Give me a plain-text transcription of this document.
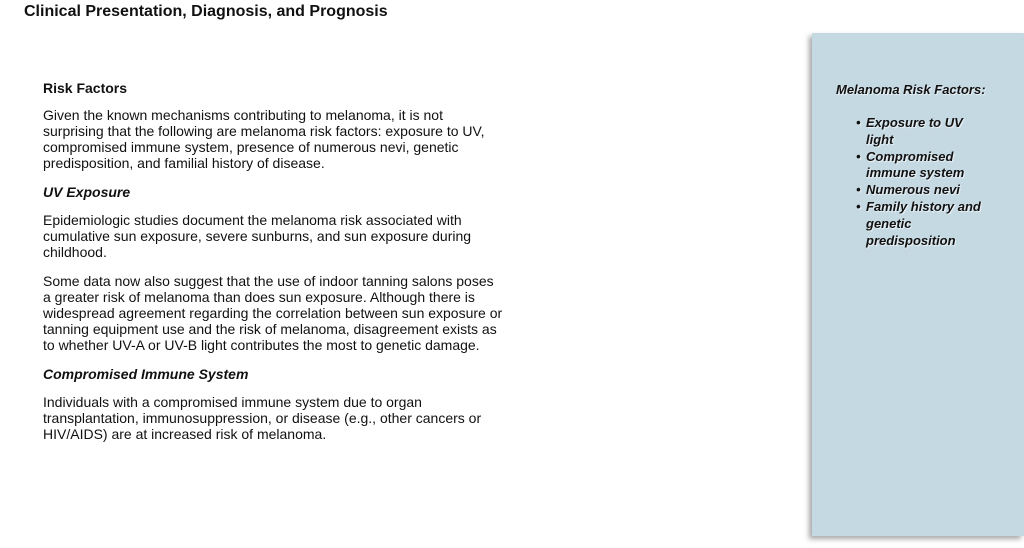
Clinical Presentation, Diagnosis, and Prognosis
Risk Factors

Given the known mechanisms contributing to melanoma, it is not surprising that the following are melanoma risk factors: exposure to UV, compromised immune system, presence of numerous nevi, genetic predisposition, and familial history of disease.

UV Exposure

Epidemiologic studies document the melanoma risk associated with cumulative sun exposure, severe sunburns, and sun exposure during childhood.

Some data now also suggest that the use of indoor tanning salons poses a greater risk of melanoma than does sun exposure. Although there is widespread agreement regarding the correlation between sun exposure or tanning equipment use and the risk of melanoma, disagreement exists as to whether UV-A or UV-B light contributes the most to genetic damage.

Compromised Immune System

Individuals with a compromised immune system due to organ transplantation, immunosuppression, or disease (e.g., other cancers or HIV/AIDS) are at increased risk of melanoma.

Melanoma Risk Factors:

• Exposure to UV light
• Compromised immune system
• Numerous nevi
• Family history and genetic predisposition
